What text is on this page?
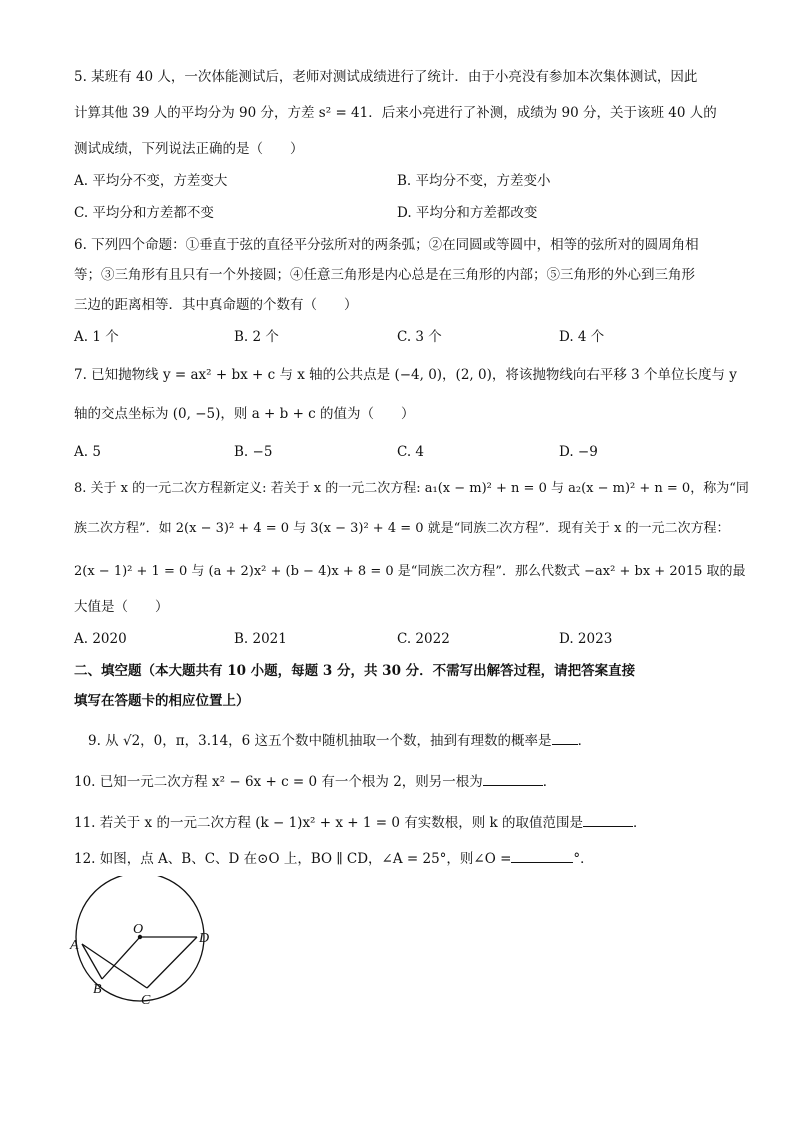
5. 某班有 40 人，一次体能测试后，老师对测试成绩进行了统计．由于小亮没有参加本次集体测试，因此
计算其他 39 人的平均分为 90 分，方差 s² = 41．后来小亮进行了补测，成绩为 90 分，关于该班 40 人的
测试成绩，下列说法正确的是（　　）
A. 平均分不变，方差变大	B. 平均分不变，方差变小
C. 平均分和方差都不变	D. 平均分和方差都改变
6. 下列四个命题：①垂直于弦的直径平分弦所对的两条弧；②在同圆或等圆中，相等的弦所对的圆周角相
等；③三角形有且只有一个外接圆；④任意三角形是内心总是在三角形的内部；⑤三角形的外心到三角形
三边的距离相等．其中真命题的个数有（　　）
A. 1 个	B. 2 个	C. 3 个	D. 4 个
7. 已知抛物线 y = ax² + bx + c 与 x 轴的公共点是 (−4, 0)，(2, 0)，将该抛物线向右平移 3 个单位长度与 y
轴的交点坐标为 (0, −5)，则 a + b + c 的值为（　　）
A. 5	B. −5	C. 4	D. −9
8. 关于 x 的一元二次方程新定义: 若关于 x 的一元二次方程: a₁(x − m)² + n = 0 与 a₂(x − m)² + n = 0，称为“同
族二次方程”．如 2(x − 3)² + 4 = 0 与 3(x − 3)² + 4 = 0 就是“同族二次方程”．现有关于 x 的一元二次方程：
2(x − 1)² + 1 = 0 与 (a + 2)x² + (b − 4)x + 8 = 0 是“同族二次方程”．那么代数式 −ax² + bx + 2015 取的最
大值是（　　）
A. 2020	B. 2021	C. 2022	D. 2023
二、填空题（本大题共有 10 小题，每题 3 分，共 30 分．不需写出解答过程，请把答案直接
填写在答题卡的相应位置上）
9. 从 √2，0，π，3.14，6 这五个数中随机抽取一个数，抽到有理数的概率是 ．
10. 已知一元二次方程 x² − 6x + c = 0 有一个根为 2，则另一根为	．
11. 若关于 x 的一元二次方程 (k − 1)x² + x + 1 = 0 有实数根，则 k 的取值范围是	．
12. 如图，点 A、B、C、D 在⊙O 上，BO ∥ CD，∠A = 25°，则∠O =	°．
O
A
B
C
D
